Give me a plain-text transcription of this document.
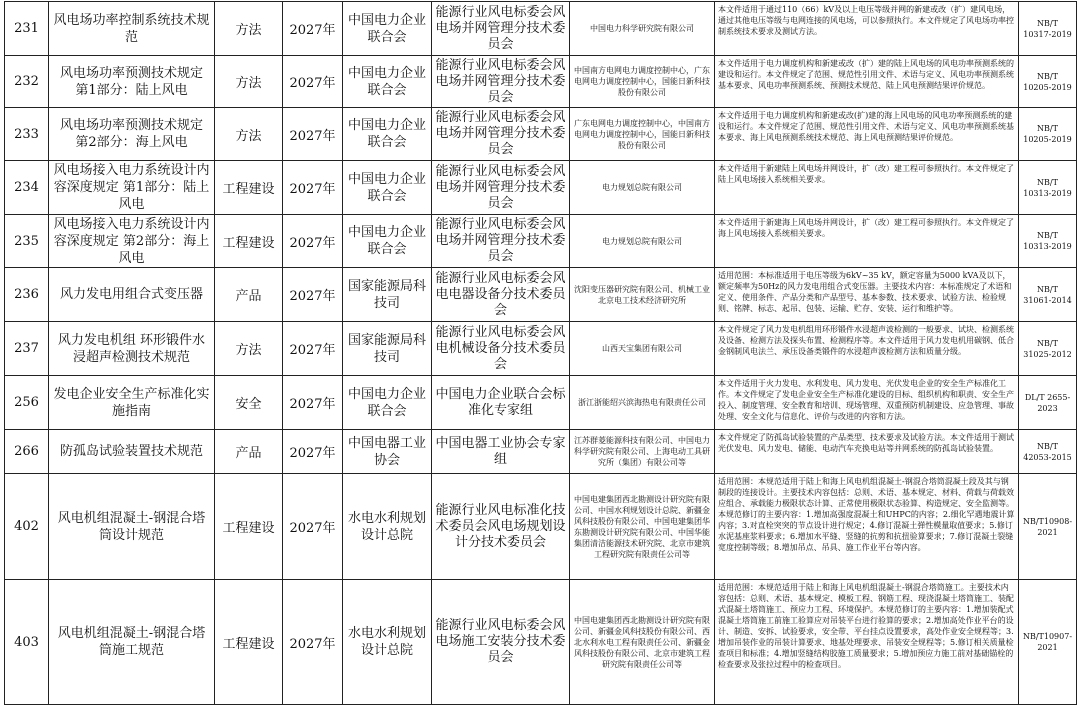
231	风电场功率控制系统技术规范	方法	2027年	中国电力企业联合会	能源行业风电标委会风电场并网管理分技术委员会	中国电力科学研究院有限公司	本文件适用于通过110（66）kV及以上电压等级并网的新建或改（扩）建风电场，通过其他电压等级与电网连接的风电场，可以参照执行。本文件规定了风电场功率控制系统技术要求及测试方法。	NB/T 10317-2019
232	风电场功率预测技术规定 第1部分：陆上风电	方法	2027年	中国电力企业联合会	能源行业风电标委会风电场并网管理分技术委员会	中国南方电网电力调度控制中心，广东电网电力调度控制中心，国能日新科技股份有限公司	本文件适用于电力调度机构和新建或改（扩）建的陆上风电场的风电功率预测系统的建设和运行。本文件规定了范围、规范性引用文件、术语与定义、风电功率预测系统基本要求、风电功率预测系统、预测技术规范、陆上风电预测结果评价规范。	NB/T 10205-2019
233	风电场功率预测技术规定 第2部分：海上风电	方法	2027年	中国电力企业联合会	能源行业风电标委会风电场并网管理分技术委员会	广东电网电力调度控制中心，中国南方电网电力调度控制中心，国能日新科技股份有限公司	本文件适用于电力调度机构和新建或改(扩)建的海上风电场的风电功率预测系统的建设和运行。本文件规定了范围、规范性引用文件、术语与定义、风电功率预测系统基本要求、海上风电预测系统技术规范、海上风电预测结果评价规范。	NB/T 10205-2019
234	风电场接入电力系统设计内容深度规定 第1部分：陆上风电	工程建设	2027年	中国电力企业联合会	能源行业风电标委会风电场并网管理分技术委员会	电力规划总院有限公司	本文件适用于新建陆上风电场并网设计，扩（改）建工程可参照执行。本文件规定了陆上风电场接入系统相关要求。	NB/T 10313-2019
235	风电场接入电力系统设计内容深度规定 第2部分：海上风电	工程建设	2027年	中国电力企业联合会	能源行业风电标委会风电场并网管理分技术委员会	电力规划总院有限公司	本文件适用于新建海上风电场并网设计，扩（改）建工程可参照执行。本文件规定了海上风电场接入系统相关要求。	NB/T 10313-2019
236	风力发电用组合式变压器	产品	2027年	国家能源局科技司	能源行业风电标委会风电电器设备分技术委员会	沈阳变压器研究院有限公司、机械工业北京电工技术经济研究所	适用范围：本标准适用于电压等级为6kV~35 kV，额定容量为5000 kVA及以下，额定频率为50Hz的风力发电用组合式变压器。主要技术内容：本标准规定了术语和定义、使用条件、产品分类和产品型号、基本参数、技术要求、试验方法、检验规则、铭牌、标志、起吊、包装、运输、贮存、安装、运行和维护等。	NB/T 31061-2014
237	风力发电机组 环形锻件水浸超声检测技术规范	方法	2027年	国家能源局科技司	能源行业风电标委会风电机械设备分技术委员会	山西天宝集团有限公司	本文件规定了风力发电机组用环形锻件水浸超声波检测的一般要求、试块、检测系统及设备、检测方法及探头布置、检测程序等。本文件适用于风力发电机用碳钢、低合金钢制风电法兰、承压设备类锻件的水浸超声波检测方法和质量分级。	NB/T 31025-2012
256	发电企业安全生产标准化实施指南	安全	2027年	中国电力企业联合会	中国电力企业联合会标准化专家组	浙江浙能绍兴滨海热电有限责任公司	本文件适用于火力发电、水利发电、风力发电、光伏发电企业的安全生产标准化工作。本文件规定了发电企业安全生产标准化建设的目标、组织机构和职责、安全生产投入、制度管理、安全教育和培训、现场管理、双重预防机制建设、应急管理、事故处理、安全文化与信息化、评价与改进的内容和方法。	DL/T 2655-2023
266	防孤岛试验装置技术规范	产品	2027年	中国电器工业协会	中国电器工业协会专家组	江苏群菱能源科技有限公司、中国电力科学研究院有限公司、上海电动工具研究所（集团）有限公司等	本文件规定了防孤岛试验装置的产品类型、技术要求及试验方法。本文件适用于测试光伏发电、风力发电、储能、电动汽车充换电站等并网系统的防孤岛试验装置。	NB/T 42053-2015
402	风电机组混凝土-钢混合塔筒设计规范	工程建设	2027年	水电水利规划设计总院	能源行业风电标准化技术委员会风电场规划设计分技术委员会	中国电建集团西北勘测设计研究院有限公司、中国水利规划设计总院、新疆金风科技股份有限公司、中国电建集团华东勘测设计研究院有限公司、中国华能集团清洁能源技术研究院、北京市建筑工程研究院有限责任公司等	适用范围：本规范适用于陆上和海上风电机组混凝土-钢混合塔筒混凝土段及其与钢制段的连接设计。主要技术内容包括：总则、术语、基本规定、材料、荷载与荷载效应组合、承载能力极限状态计算、正常使用极限状态验算、构造规定、安全监测等。本规范修订的主要内容：1.增加高强度混凝土和UHPC的内容；2.细化罕遇地震计算内容；3.对直栓突突的节点设计进行规定；4.修订混凝土弹性模量取值要求；5.修订水泥基座浆料要求；6.增加水平缝、竖缝的抗剪和抗扭验算要求；7.修订混凝土裂缝宽度控制等级；8.增加吊点、吊具、施工作业平台等内容。	NB/T10908-2021
403	风电机组混凝土-钢混合塔筒施工规范	工程建设	2027年	水电水利规划设计总院	能源行业风电标委会风电场施工安装分技术委员会	中国电建集团西北勘测设计研究院有限公司、新疆金风科技股份有限公司、西北水利水电工程有限责任公司、新疆金风科技股份有限公司、北京市建筑工程研究院有限责任公司等	适用范围：本规范适用于陆上和海上风电机组混凝土-钢混合塔筒施工。主要技术内容包括：总则、术语、基本规定、模板工程、钢筋工程、现浇混凝土塔筒施工、装配式混凝土塔筒施工、预应力工程、环境保护。本规范修订的主要内容：1.增加装配式混凝土塔筒施工前施工验算应对吊装平台进行验算的要求；2.增加高处作业平台的设计、制造、安拆、试验要求，安全带、平台挂点设置要求，高处作业安全规程等；3.增加吊装作业的吊装计算要求、地基处理要求、吊装安全规程等；5.修订相关质量检查项目和标准；4.增加竖缝结构胶施工质量要求；5.增加预应力施工前对基础锚栓的检查要求及张拉过程中的检查项目。	NB/T10907-2021
